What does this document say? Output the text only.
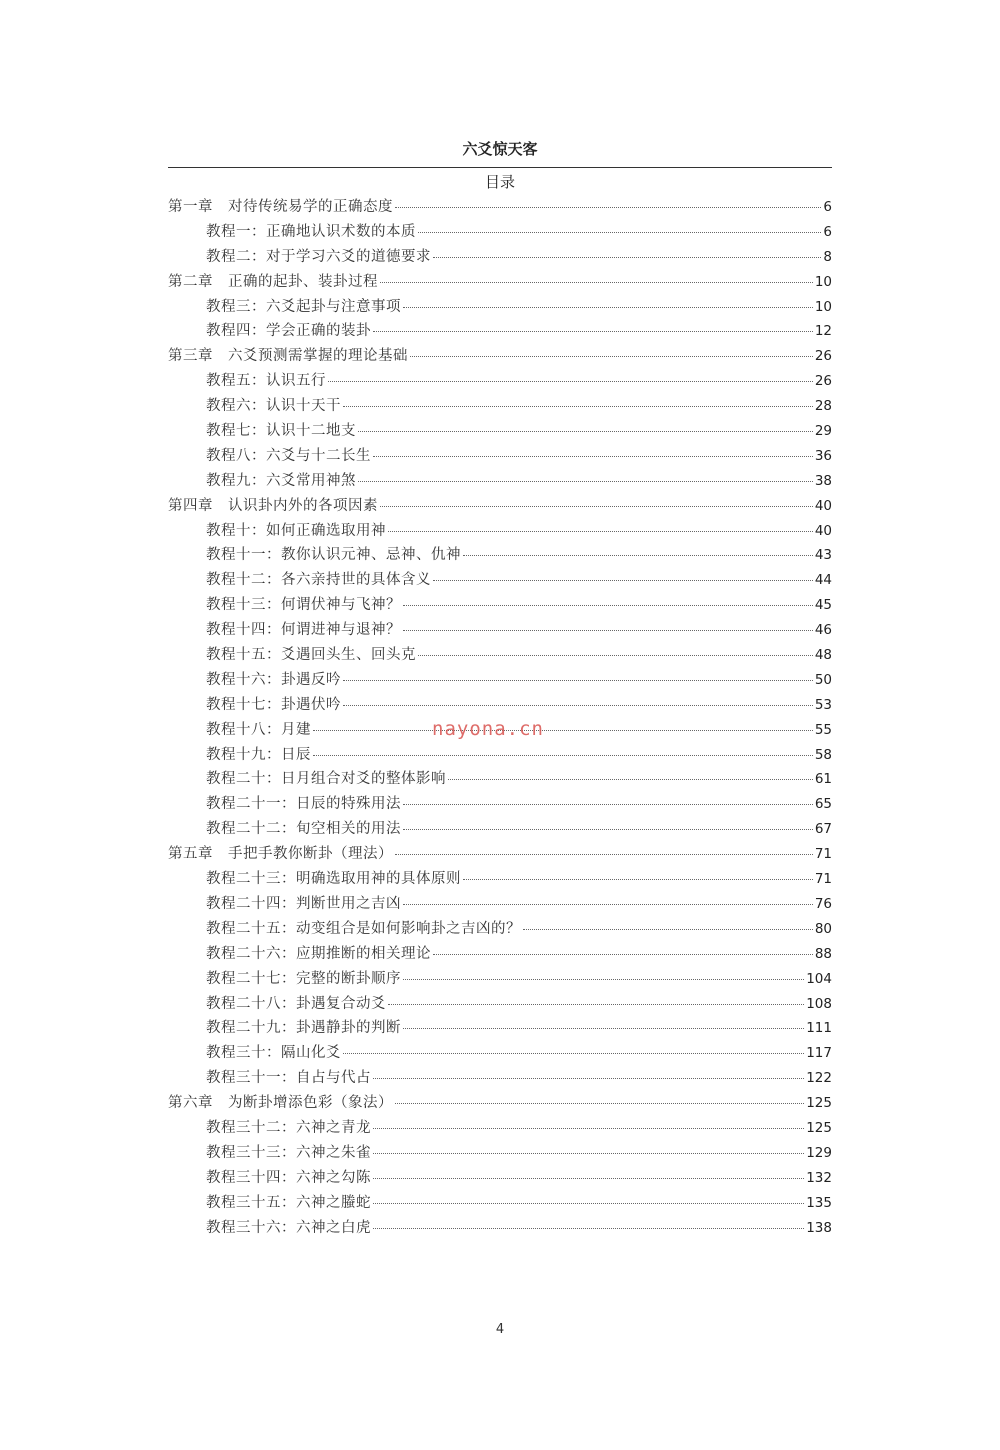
六爻惊天客
目录
第一章　对待传统易学的正确态度	6
教程一：正确地认识术数的本质	6
教程二：对于学习六爻的道德要求	8
第二章　正确的起卦、装卦过程	10
教程三：六爻起卦与注意事项	10
教程四：学会正确的装卦	12
第三章　六爻预测需掌握的理论基础	26
教程五：认识五行	26
教程六：认识十天干	28
教程七：认识十二地支	29
教程八：六爻与十二长生	36
教程九：六爻常用神煞	38
第四章　认识卦内外的各项因素	40
教程十：如何正确选取用神	40
教程十一：教你认识元神、忌神、仇神	43
教程十二：各六亲持世的具体含义	44
教程十三：何谓伏神与飞神？	45
教程十四：何谓进神与退神？	46
教程十五：爻遇回头生、回头克	48
教程十六：卦遇反吟	50
教程十七：卦遇伏吟	53
教程十八：月建	55
教程十九：日辰	58
教程二十：日月组合对爻的整体影响	61
教程二十一：日辰的特殊用法	65
教程二十二：旬空相关的用法	67
第五章　手把手教你断卦（理法）	71
教程二十三：明确选取用神的具体原则	71
教程二十四：判断世用之吉凶	76
教程二十五：动变组合是如何影响卦之吉凶的？	80
教程二十六：应期推断的相关理论	88
教程二十七：完整的断卦顺序	104
教程二十八：卦遇复合动爻	108
教程二十九：卦遇静卦的判断	111
教程三十：隔山化爻	117
教程三十一：自占与代占	122
第六章　为断卦增添色彩（象法）	125
教程三十二：六神之青龙	125
教程三十三：六神之朱雀	129
教程三十四：六神之勾陈	132
教程三十五：六神之螣蛇	135
教程三十六：六神之白虎	138
nayona.cn
4
